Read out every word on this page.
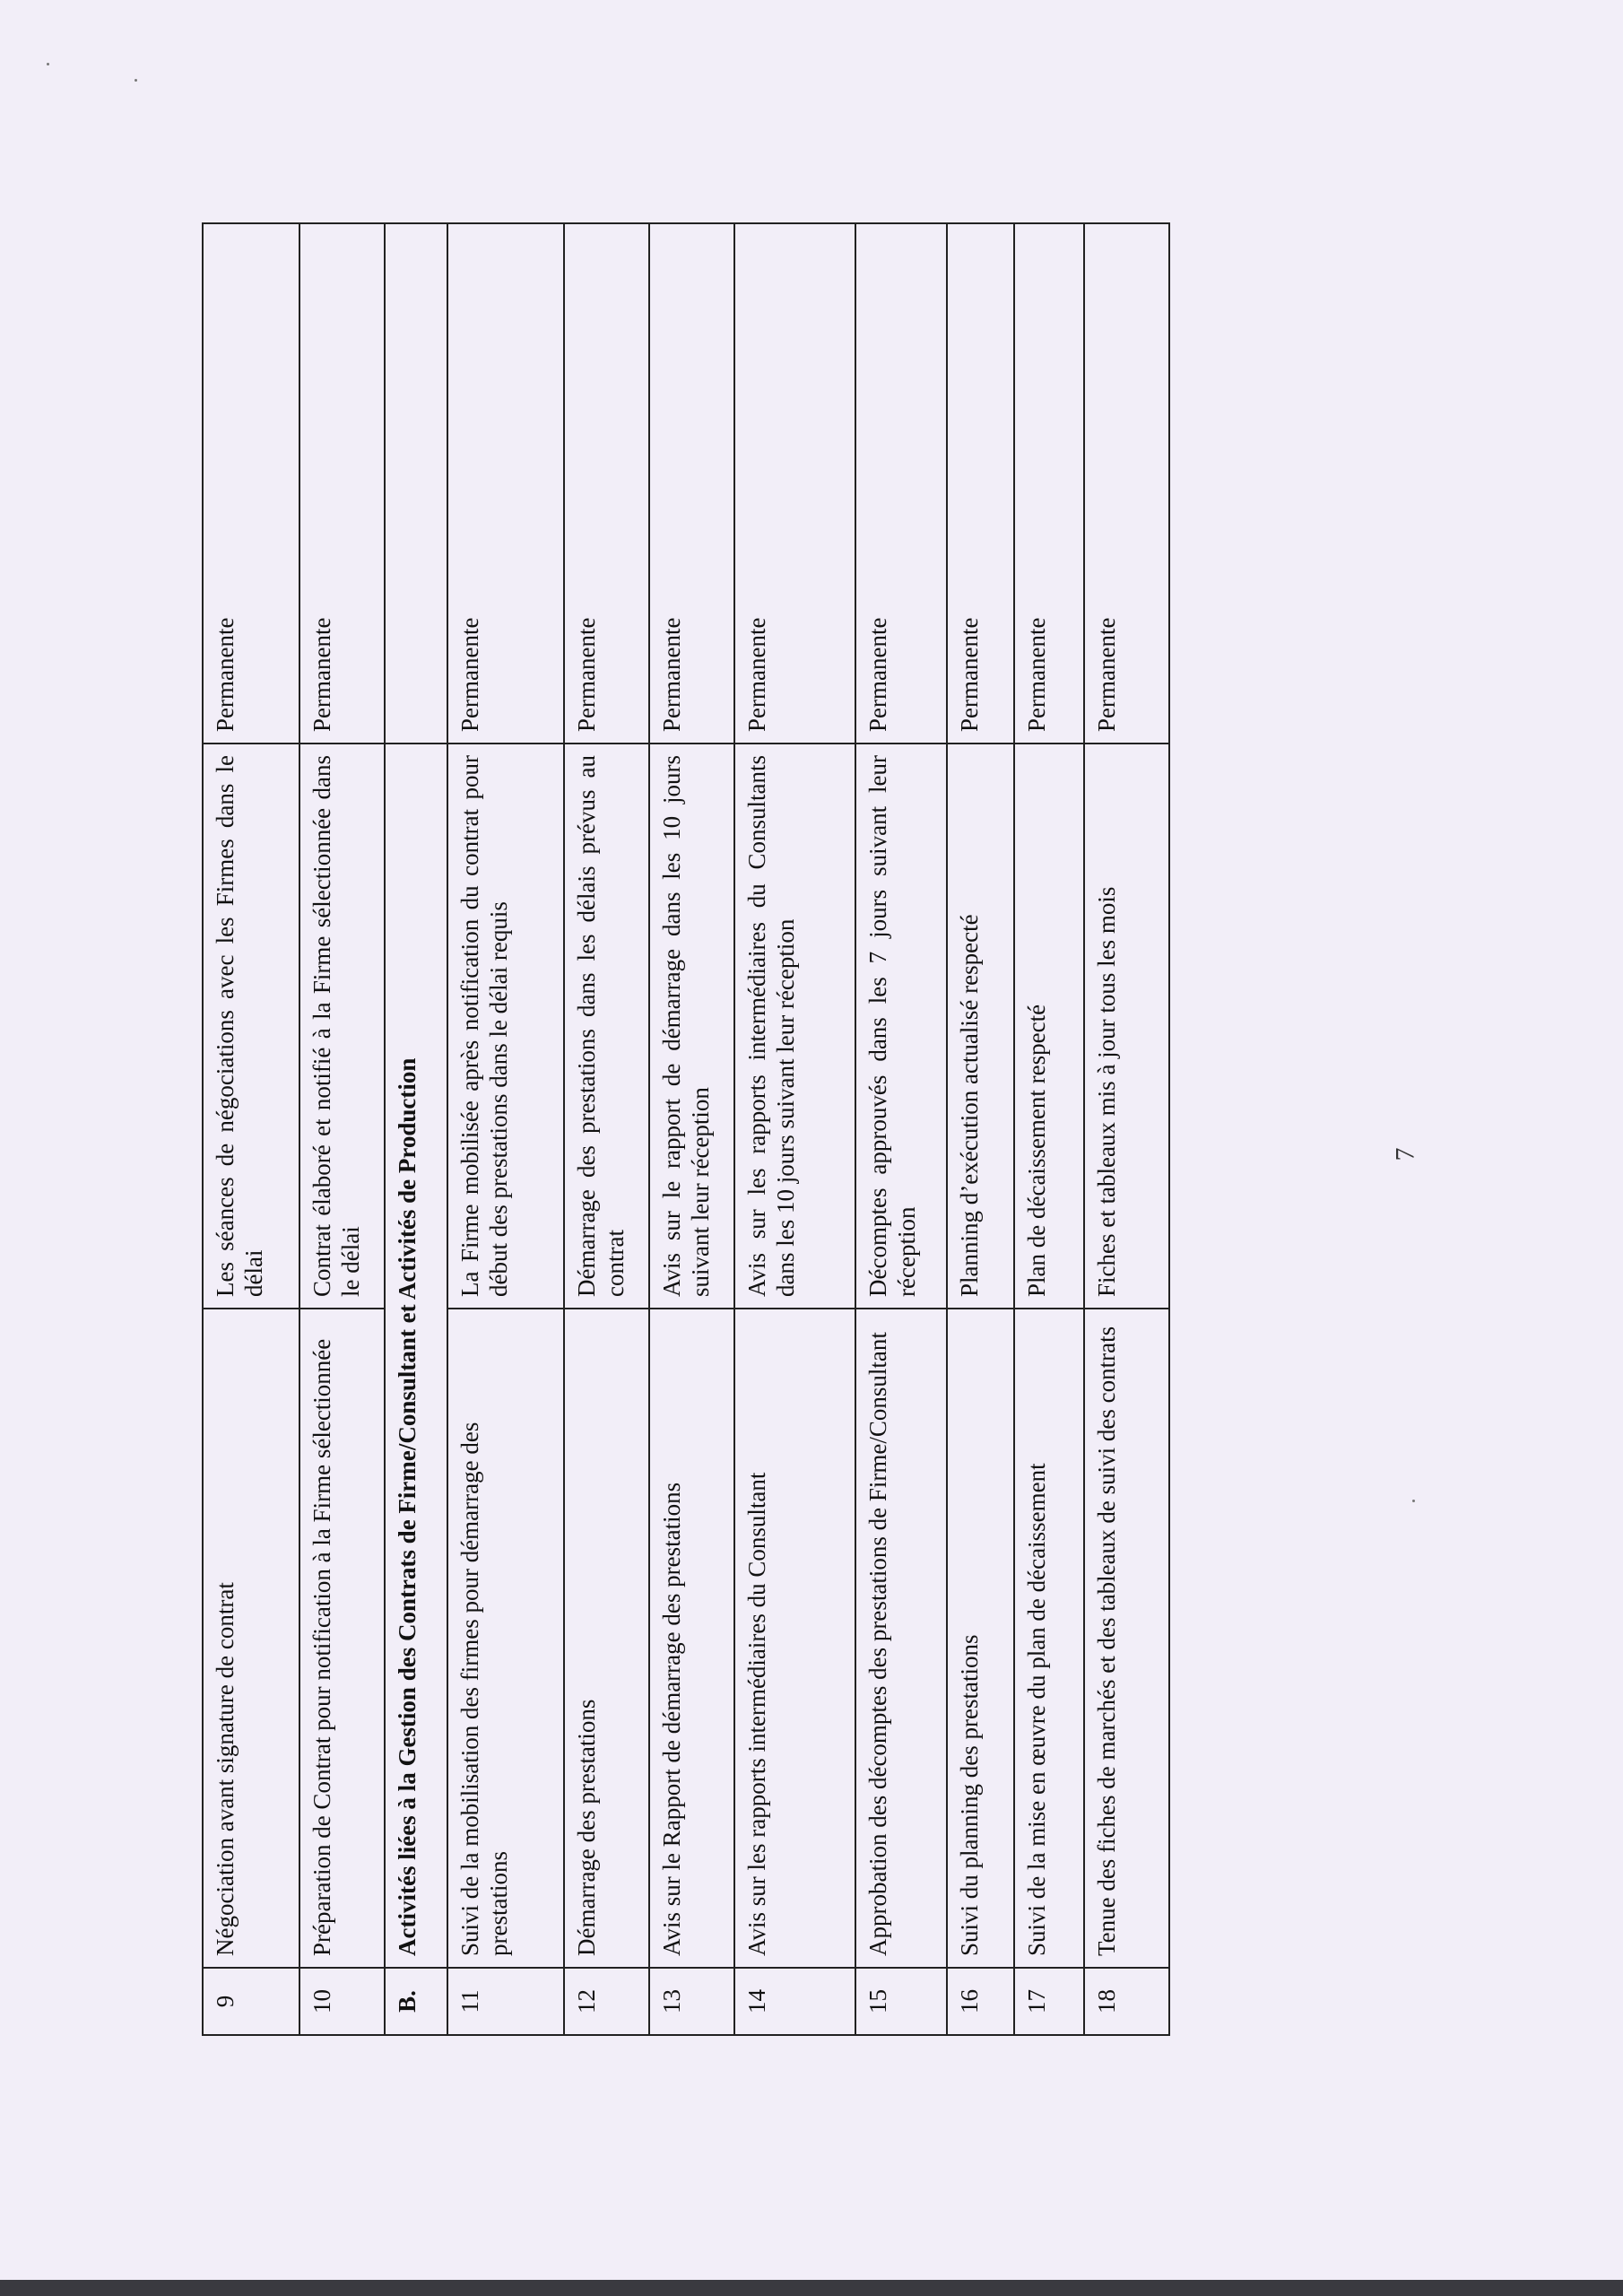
9	Négociation avant signature de contrat	Les séances de négociations avec les Firmes dans le délai	Permanente
10	Préparation de Contrat pour notification à la Firme sélectionnée	Contrat élaboré et notifié à la Firme sélectionnée dans le délai	Permanente
B.	Activités liées à la Gestion des Contrats de Firme/Consultant et Activités de Production		
11	Suivi de la mobilisation des firmes pour démarrage des prestations	La Firme mobilisée après notification du contrat pour début des prestations dans le délai requis	Permanente
12	Démarrage des prestations	Démarrage des prestations dans les délais prévus au contrat	Permanente
13	Avis sur le Rapport de démarrage des prestations	Avis sur le rapport de démarrage dans les 10 jours suivant leur réception	Permanente
14	Avis sur les rapports intermédiaires du Consultant	Avis sur les rapports intermédiaires du Consultants dans les 10 jours suivant leur réception	Permanente
15	Approbation des décomptes des prestations de Firme/Consultant	Décomptes approuvés dans les 7 jours suivant leur réception	Permanente
16	Suivi du planning des prestations	Planning d’exécution actualisé respecté	Permanente
17	Suivi de la mise en œuvre du plan de décaissement	Plan de décaissement respecté	Permanente
18	Tenue des fiches de marchés et des tableaux de suivi des contrats	Fiches et tableaux mis à jour tous les mois	Permanente
7
